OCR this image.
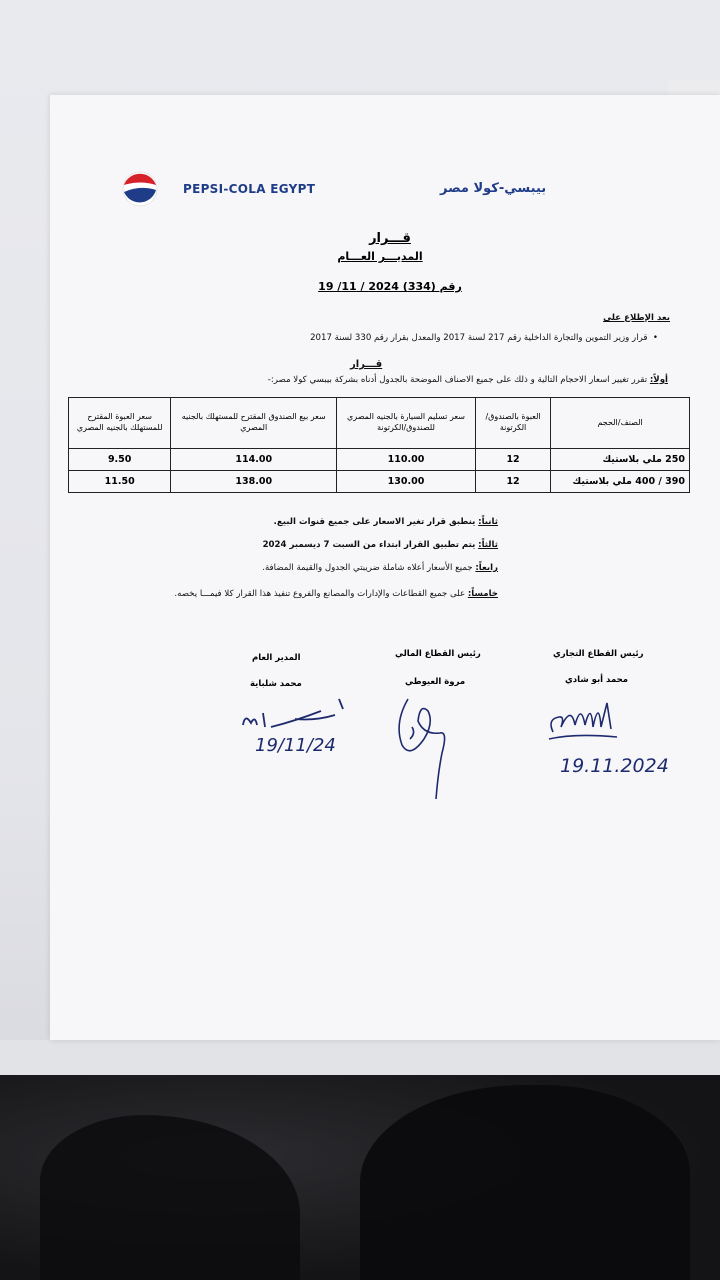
PEPSI-COLA EGYPT	بيبسي-كولا مصر
قـــرار
المديـــر العـــام
رقم (334) 2024 / 11/ 19
بعد الإطلاع على
•  قرار وزير التموين والتجارة الداخلية رقم 217 لسنة 2017 والمعدل بقرار رقم 330 لسنة 2017
قـــرار
أولاً: تقرر تغيير اسعار الاحجام التالية و ذلك على جميع الاصناف الموضحة بالجدول أدناه بشركة بيبسي كولا مصر:-
الصنف/الحجم	العبوة بالصندوق/ الكرتونة	سعر تسليم السيارة بالجنيه المصري للصندوق/الكرتونة	سعر بيع الصندوق المقترح للمستهلك بالجنيه المصري	سعر العبوة المقترح للمستهلك بالجنيه المصري
250 ملي بلاستيك	12	110.00	114.00	9.50
390 / 400 ملي بلاستيك	12	130.00	138.00	11.50
ثانياً: ينطبق قرار تغير الاسعار على جميع قنوات البيع.
ثالثاً: يتم تطبيق القرار ابتداء من السبت 7 ديسمبر 2024
رابعاً: جميع الأسعار أعلاه شاملة ضريبتي الجدول والقيمة المضافة.
خامساً: على جميع القطاعات والإدارات والمصانع والفروع تنفيذ هذا القرار كلا فيمـــا يخصه.
رئيس القطاع التجاري
محمد أبو شادي
رئيس القطاع المالي
مروة العيوطي
المدير العام
محمد شلباية
19.11.2024
19/11/24
